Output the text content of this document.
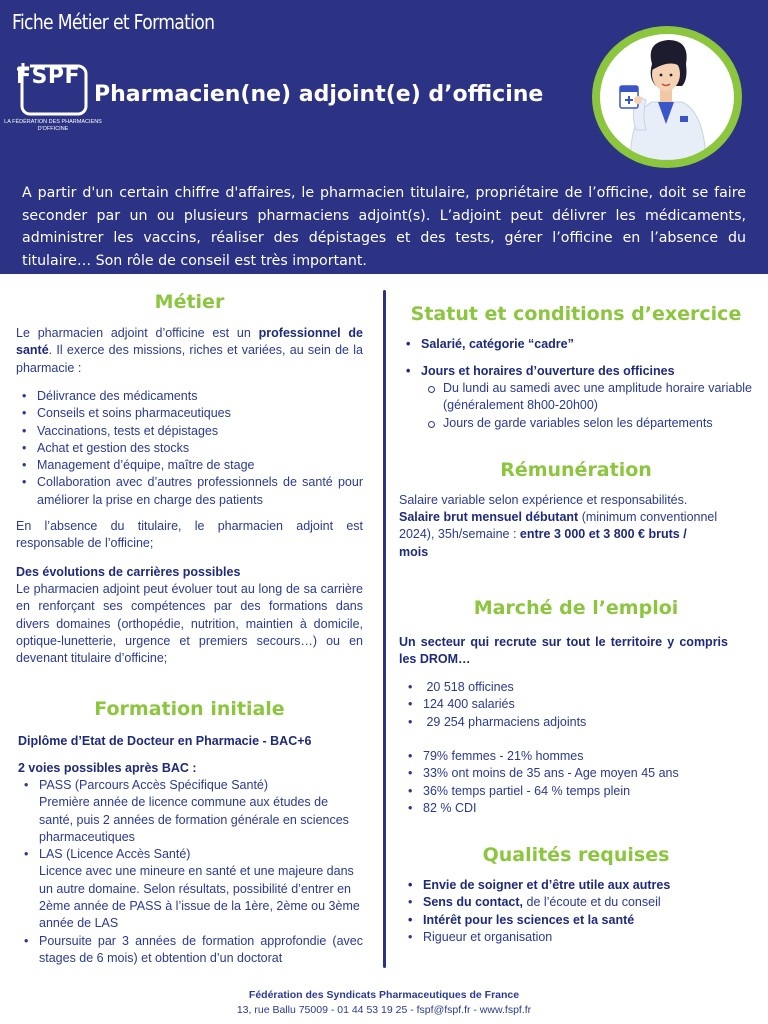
Fiche Métier et Formation
FSPF
LA FÉDÉRATION DES PHARMACIENS D'OFFICINE
Pharmacien(ne) adjoint(e) d’officine
A partir d'un certain chiffre d'affaires, le pharmacien titulaire, propriétaire de l’officine, doit se faire seconder par un ou plusieurs pharmaciens adjoint(s). L’adjoint peut délivrer les médicaments, administrer les vaccins, réaliser des dépistages et des tests, gérer l’officine en l’absence du titulaire… Son rôle de conseil est très important.
Métier
Le pharmacien adjoint d’officine est un professionnel de santé. Il exerce des missions, riches et variées, au sein de la pharmacie :
• Délivrance des médicaments
• Conseils et soins pharmaceutiques
• Vaccinations, tests et dépistages
• Achat et gestion des stocks
• Management d’équipe, maître de stage
• Collaboration avec d’autres professionnels de santé pour améliorer la prise en charge des patients
En l’absence du titulaire, le pharmacien adjoint est responsable de l’officine;
Des évolutions de carrières possibles
Le pharmacien adjoint peut évoluer tout au long de sa carrière en renforçant ses compétences par des formations dans divers domaines (orthopédie, nutrition, maintien à domicile, optique-lunetterie, urgence et premiers secours…) ou en devenant titulaire d’officine;
Formation initiale
Diplôme d’Etat de Docteur en Pharmacie - BAC+6
2 voies possibles après BAC :
• PASS (Parcours Accès Spécifique Santé)
Première année de licence commune aux études de santé, puis 2 années de formation générale en sciences pharmaceutiques
• LAS (Licence Accès Santé)
Licence avec une mineure en santé et une majeure dans un autre domaine. Selon résultats, possibilité d’entrer en 2ème année de PASS à l’issue de la 1ère, 2ème ou 3ème année de LAS
• Poursuite par 3 années de formation approfondie (avec stages de 6 mois) et obtention d’un doctorat
Statut et conditions d’exercice
• Salarié, catégorie “cadre”
• Jours et horaires d’ouverture des officines
Du lundi au samedi avec une amplitude horaire variable (généralement 8h00-20h00)
Jours de garde variables selon les départements
Rémunération
Salaire variable selon expérience et responsabilités.
Salaire brut mensuel débutant (minimum conventionnel 2024), 35h/semaine : entre 3 000 et 3 800 € bruts / mois
Marché de l’emploi
Un secteur qui recrute sur tout le territoire y compris les DROM…
•  20 518 officines
• 124 400 salariés
•  29 254 pharmaciens adjoints
• 79% femmes - 21% hommes
• 33% ont moins de 35 ans - Age moyen 45 ans
• 36% temps partiel - 64 % temps plein
• 82 % CDI
Qualités requises
• Envie de soigner et d’être utile aux autres
• Sens du contact, de l’écoute et du conseil
• Intérêt pour les sciences et la santé
• Rigueur et organisation
Fédération des Syndicats Pharmaceutiques de France
13, rue Ballu 75009 - 01 44 53 19 25 - fspf@fspf.fr - www.fspf.fr
